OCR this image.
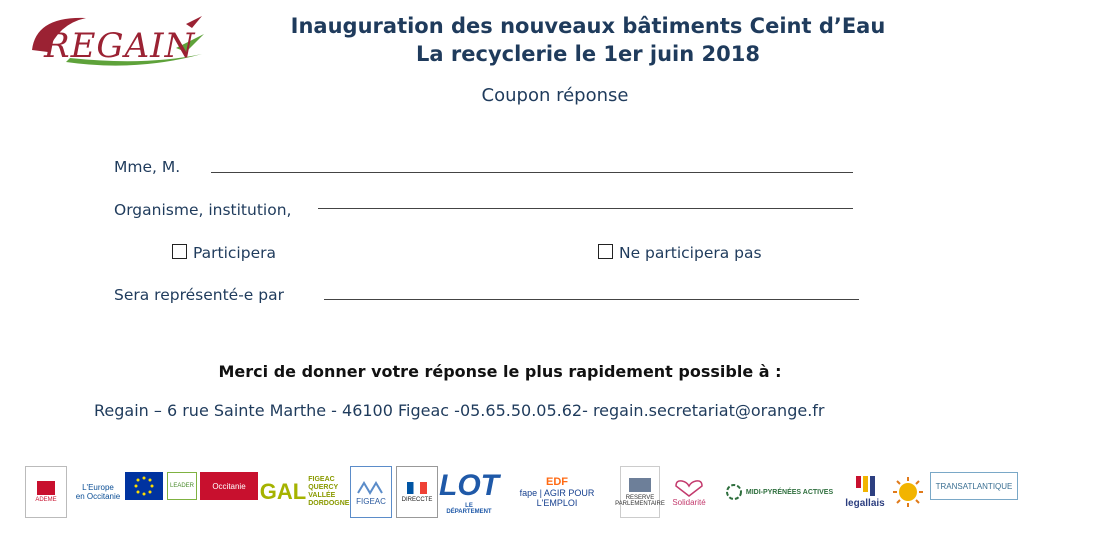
REGAIN	Inauguration des nouveaux bâtiments Ceint d’Eau
La recyclerie le 1er juin 2018
Coupon réponse
Mme, M.
Organisme, institution,
Participera	Ne participera pas
Sera représenté-e par
Merci de donner votre réponse le plus rapidement possible à :
Regain – 6 rue Sainte Marthe - 46100 Figeac -05.65.50.05.62- regain.secretariat@orange.fr
ADEME
L'Europe
en Occitanie
LEADER Occitanie GAL FIGEAC QUERCY VALLÉE DORDOGNE FIGEAC	DIRECCTE LOT
LE DÉPARTEMENT
EDF
fape | AGIR POUR L'EMPLOI
RESERVE PARLEMENTAIRE Solidarité
MIDI-PYRÉNÉES ACTIVES
legallais
TRANSATLANTIQUE
